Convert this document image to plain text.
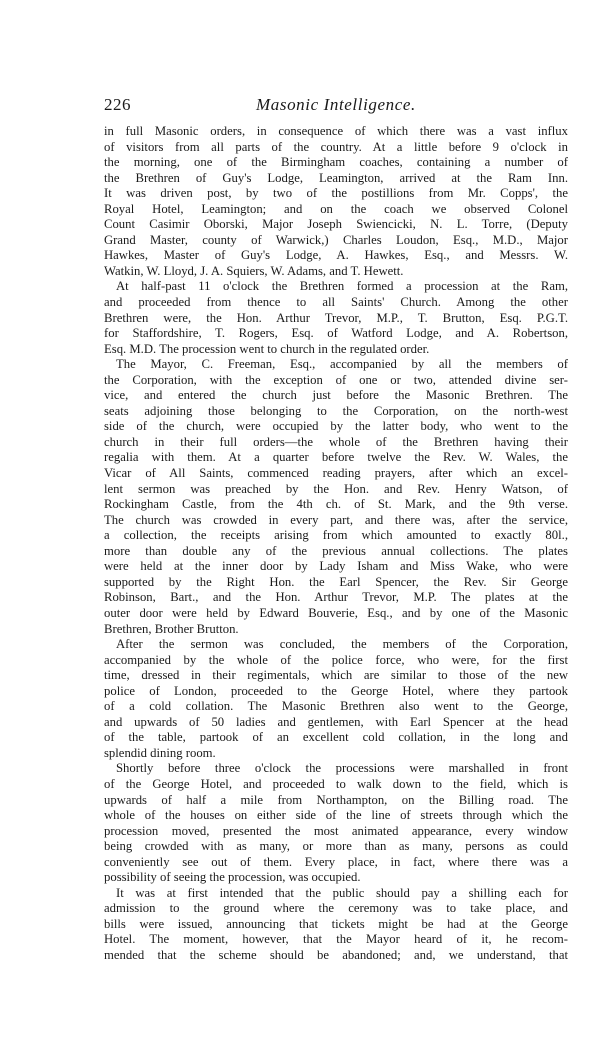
226	Masonic Intelligence.
in full Masonic orders, in consequence of which there was a vast influx
of visitors from all parts of the country. At a little before 9 o'clock in
the morning, one of the Birmingham coaches, containing a number of
the Brethren of Guy's Lodge, Leamington, arrived at the Ram Inn.
It was driven post, by two of the postillions from Mr. Copps', the
Royal Hotel, Leamington; and on the coach we observed Colonel
Count Casimir Oborski, Major Joseph Swiencicki, N. L. Torre, (Deputy
Grand Master, county of Warwick,) Charles Loudon, Esq., M.D., Major
Hawkes, Master of Guy's Lodge, A. Hawkes, Esq., and Messrs. W.
Watkin, W. Lloyd, J. A. Squiers, W. Adams, and T. Hewett.
At half-past 11 o'clock the Brethren formed a procession at the Ram,
and proceeded from thence to all Saints' Church. Among the other
Brethren were, the Hon. Arthur Trevor, M.P., T. Brutton, Esq. P.G.T.
for Staffordshire, T. Rogers, Esq. of Watford Lodge, and A. Robertson,
Esq. M.D. The procession went to church in the regulated order.
The Mayor, C. Freeman, Esq., accompanied by all the members of
the Corporation, with the exception of one or two, attended divine ser-
vice, and entered the church just before the Masonic Brethren. The
seats adjoining those belonging to the Corporation, on the north-west
side of the church, were occupied by the latter body, who went to the
church in their full orders—the whole of the Brethren having their
regalia with them. At a quarter before twelve the Rev. W. Wales, the
Vicar of All Saints, commenced reading prayers, after which an excel-
lent sermon was preached by the Hon. and Rev. Henry Watson, of
Rockingham Castle, from the 4th ch. of St. Mark, and the 9th verse.
The church was crowded in every part, and there was, after the service,
a collection, the receipts arising from which amounted to exactly 80l.,
more than double any of the previous annual collections. The plates
were held at the inner door by Lady Isham and Miss Wake, who were
supported by the Right Hon. the Earl Spencer, the Rev. Sir George
Robinson, Bart., and the Hon. Arthur Trevor, M.P. The plates at the
outer door were held by Edward Bouverie, Esq., and by one of the Masonic
Brethren, Brother Brutton.
After the sermon was concluded, the members of the Corporation,
accompanied by the whole of the police force, who were, for the first
time, dressed in their regimentals, which are similar to those of the new
police of London, proceeded to the George Hotel, where they partook
of a cold collation. The Masonic Brethren also went to the George,
and upwards of 50 ladies and gentlemen, with Earl Spencer at the head
of the table, partook of an excellent cold collation, in the long and
splendid dining room.
Shortly before three o'clock the processions were marshalled in front
of the George Hotel, and proceeded to walk down to the field, which is
upwards of half a mile from Northampton, on the Billing road. The
whole of the houses on either side of the line of streets through which the
procession moved, presented the most animated appearance, every window
being crowded with as many, or more than as many, persons as could
conveniently see out of them. Every place, in fact, where there was a
possibility of seeing the procession, was occupied.
It was at first intended that the public should pay a shilling each for
admission to the ground where the ceremony was to take place, and
bills were issued, announcing that tickets might be had at the George
Hotel. The moment, however, that the Mayor heard of it, he recom-
mended that the scheme should be abandoned; and, we understand, that
